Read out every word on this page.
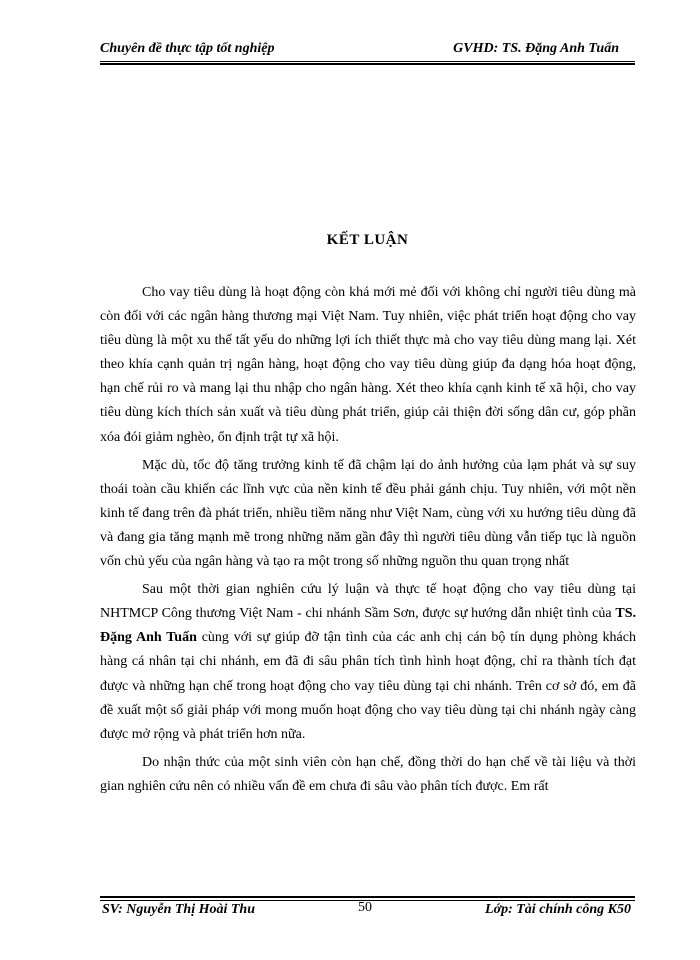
Chuyên đề thực tập tốt nghiệp	GVHD: TS. Đặng Anh Tuấn
KẾT LUẬN

Cho vay tiêu dùng là hoạt động còn khá mới mẻ đối với không chỉ người tiêu dùng mà còn đối với các ngân hàng thương mại Việt Nam. Tuy nhiên, việc phát triển hoạt động cho vay tiêu dùng là một xu thế tất yếu do những lợi ích thiết thực mà cho vay tiêu dùng mang lại. Xét theo khía cạnh quản trị ngân hàng, hoạt động cho vay tiêu dùng giúp đa dạng hóa hoạt động, hạn chế rủi ro và mang lại thu nhập cho ngân hàng. Xét theo khía cạnh kinh tế xã hội, cho vay tiêu dùng kích thích sản xuất và tiêu dùng phát triển, giúp cải thiện đời sống dân cư, góp phần xóa đói giảm nghèo, ổn định trật tự xã hội.

Mặc dù, tốc độ tăng trưởng kinh tế đã chậm lại do ảnh hưởng của lạm phát và sự suy thoái toàn cầu khiến các lĩnh vực của nền kinh tế đều phải gánh chịu. Tuy nhiên, với một nền kinh tế đang trên đà phát triển, nhiều tiềm năng như Việt Nam, cùng với xu hướng tiêu dùng đã và đang gia tăng mạnh mẽ trong những năm gần đây thì người tiêu dùng vẫn tiếp tục là nguồn vốn chủ yếu của ngân hàng và tạo ra một trong số những nguồn thu quan trọng nhất

Sau một thời gian nghiên cứu lý luận và thực tế hoạt động cho vay tiêu dùng tại NHTMCP Công thương Việt Nam - chi nhánh Sầm Sơn, được sự hướng dẫn nhiệt tình của TS. Đặng Anh Tuấn cùng với sự giúp đỡ tận tình của các anh chị cán bộ tín dụng phòng khách hàng cá nhân tại chi nhánh, em đã đi sâu phân tích tình hình hoạt động, chỉ ra thành tích đạt được và những hạn chế trong hoạt động cho vay tiêu dùng tại chi nhánh. Trên cơ sở đó, em đã đề xuất một số giải pháp với mong muốn hoạt động cho vay tiêu dùng tại chi nhánh ngày càng được mở rộng và phát triển hơn nữa.

Do nhận thức của một sinh viên còn hạn chế, đồng thời do hạn chế về tài liệu và thời gian nghiên cứu nên có nhiều vấn đề em chưa đi sâu vào phân tích được. Em rất

SV: Nguyễn Thị Hoài Thu	50	Lớp: Tài chính công K50
